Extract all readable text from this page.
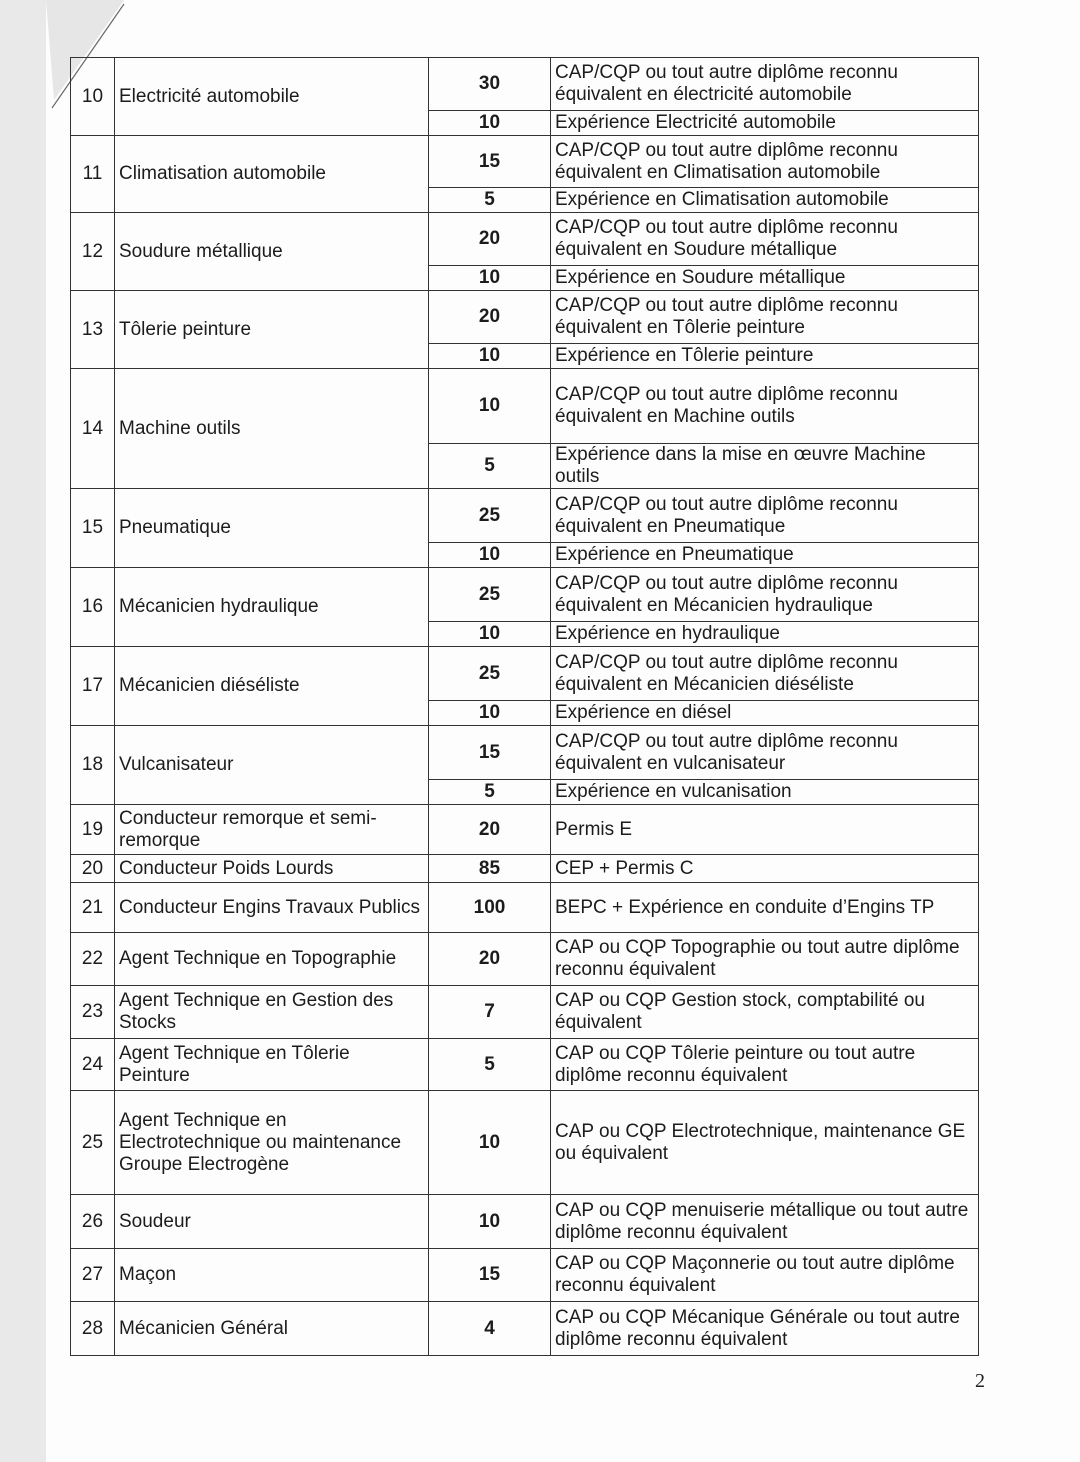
10	Electricité automobile	30	CAP/CQP ou tout autre diplôme reconnu équivalent en électricité automobile
		10	Expérience Electricité automobile
11	Climatisation automobile	15	CAP/CQP ou tout autre diplôme reconnu équivalent en Climatisation automobile
		5	Expérience en Climatisation automobile
12	Soudure métallique	20	CAP/CQP ou tout autre diplôme reconnu équivalent en Soudure métallique
		10	Expérience en Soudure métallique
13	Tôlerie peinture	20	CAP/CQP ou tout autre diplôme reconnu équivalent en Tôlerie peinture
		10	Expérience en Tôlerie peinture
14	Machine outils	10	CAP/CQP ou tout autre diplôme reconnu équivalent en Machine outils
		5	Expérience dans la mise en œuvre Machine outils
15	Pneumatique	25	CAP/CQP ou tout autre diplôme reconnu équivalent en Pneumatique
		10	Expérience en Pneumatique
16	Mécanicien hydraulique	25	CAP/CQP ou tout autre diplôme reconnu équivalent en Mécanicien hydraulique
		10	Expérience en hydraulique
17	Mécanicien diéséliste	25	CAP/CQP ou tout autre diplôme reconnu équivalent en Mécanicien diéséliste
		10	Expérience en diésel
18	Vulcanisateur	15	CAP/CQP ou tout autre diplôme reconnu équivalent en vulcanisateur
		5	Expérience en vulcanisation
19	Conducteur remorque et semi-remorque	20	Permis E
20	Conducteur Poids Lourds	85	CEP + Permis C
21	Conducteur Engins Travaux Publics	100	BEPC + Expérience en conduite d’Engins TP
22	Agent Technique en Topographie	20	CAP ou CQP Topographie ou tout autre diplôme reconnu équivalent
23	Agent Technique en Gestion des Stocks	7	CAP ou CQP Gestion stock, comptabilité ou équivalent
24	Agent Technique en Tôlerie Peinture	5	CAP ou CQP Tôlerie peinture ou tout autre diplôme reconnu équivalent
25	Agent Technique en Electrotechnique ou maintenance Groupe Electrogène	10	CAP ou CQP Electrotechnique, maintenance GE ou équivalent
26	Soudeur	10	CAP ou CQP menuiserie métallique ou tout autre diplôme reconnu équivalent
27	Maçon	15	CAP ou CQP Maçonnerie ou tout autre diplôme reconnu équivalent
28	Mécanicien Général	4	CAP ou CQP Mécanique Générale ou tout autre diplôme reconnu équivalent
2
